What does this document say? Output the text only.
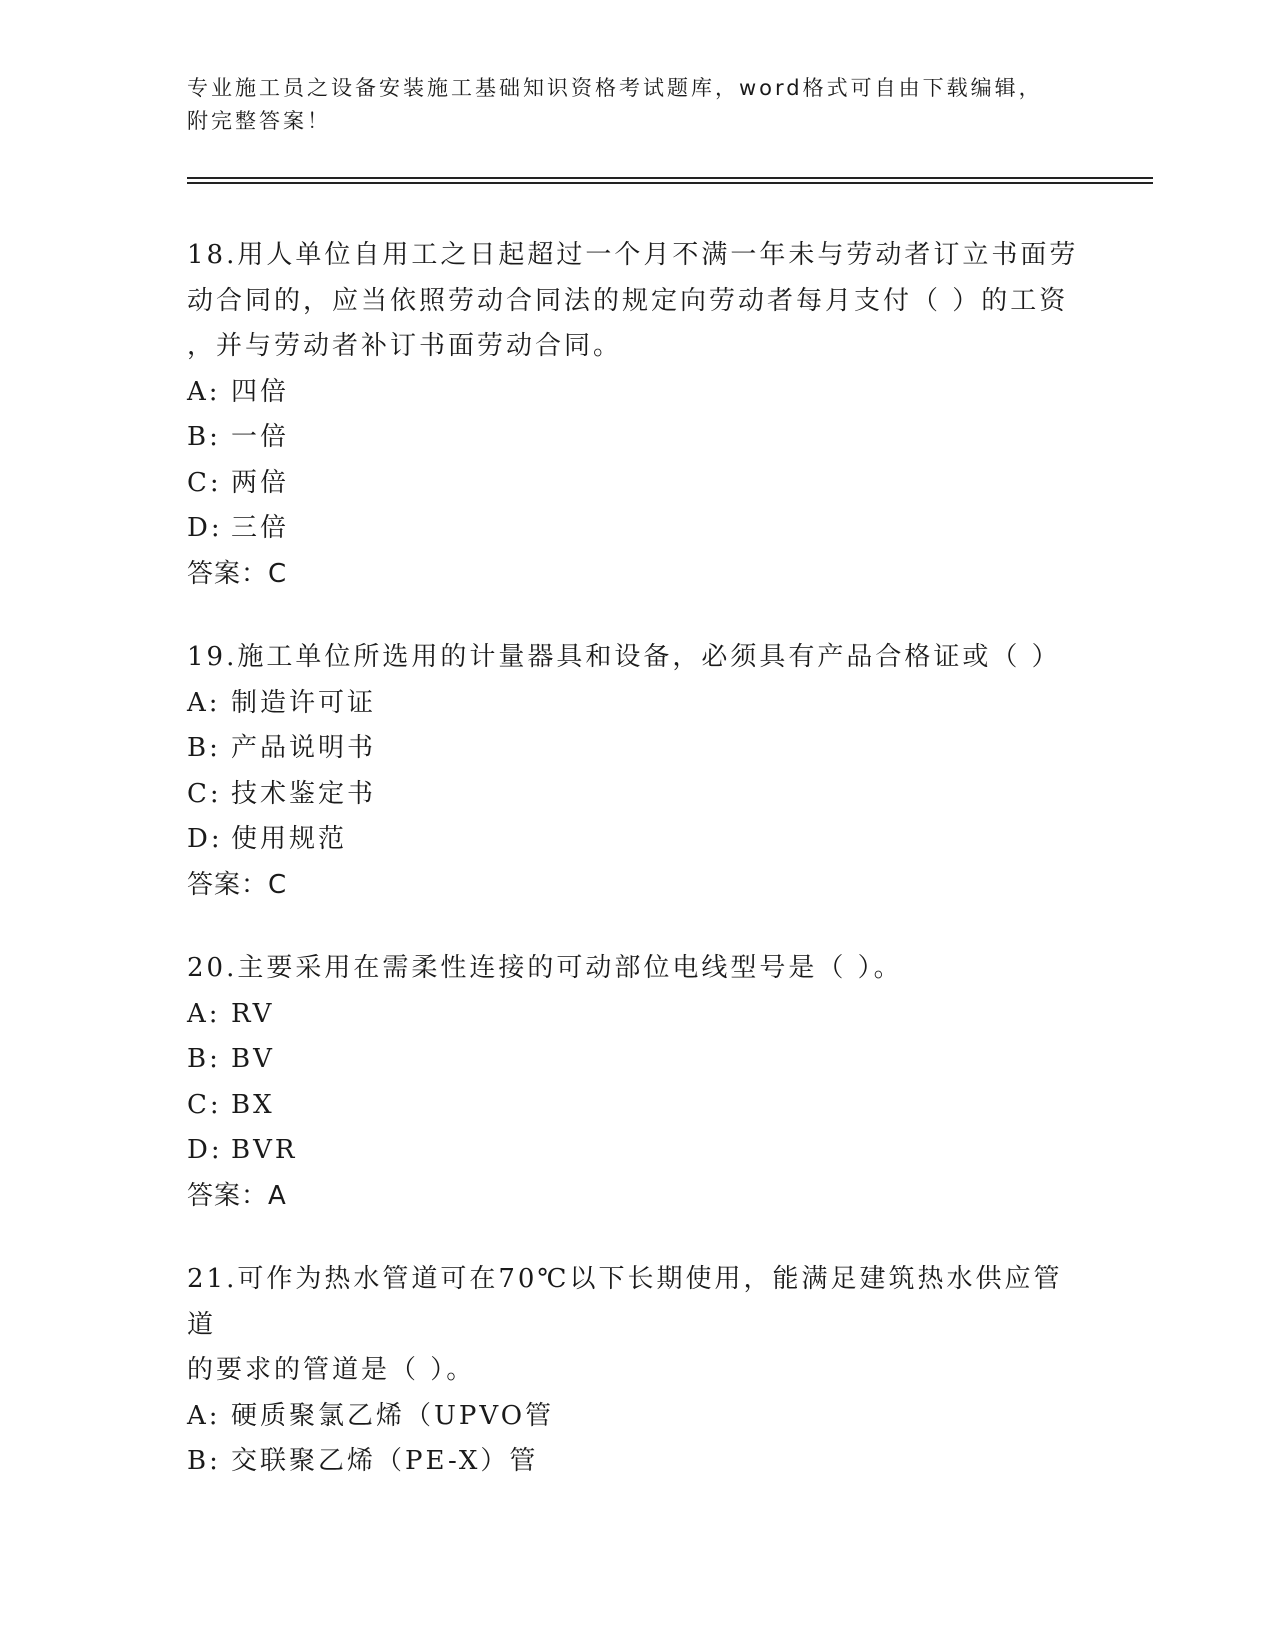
专业施工员之设备安装施工基础知识资格考试题库，word格式可自由下载编辑，
附完整答案！

18.用人单位自用工之日起超过一个月不满一年未与劳动者订立书面劳

动合同的，应当依照劳动合同法的规定向劳动者每月支付（ ）的工资

，并与劳动者补订书面劳动合同。

A: 四倍

B: 一倍

C: 两倍

D: 三倍

答案：C

19.施工单位所选用的计量器具和设备，必须具有产品合格证或（ ）

A: 制造许可证

B: 产品说明书

C: 技术鉴定书

D: 使用规范

答案：C

20.主要采用在需柔性连接的可动部位电线型号是（ ）。

A: RV

B: BV

C: BX

D: BVR

答案：A

21.可作为热水管道可在70℃以下长期使用，能满足建筑热水供应管道

的要求的管道是（ ）。

A: 硬质聚氯乙烯（UPVO管

B: 交联聚乙烯（PE-X）管
